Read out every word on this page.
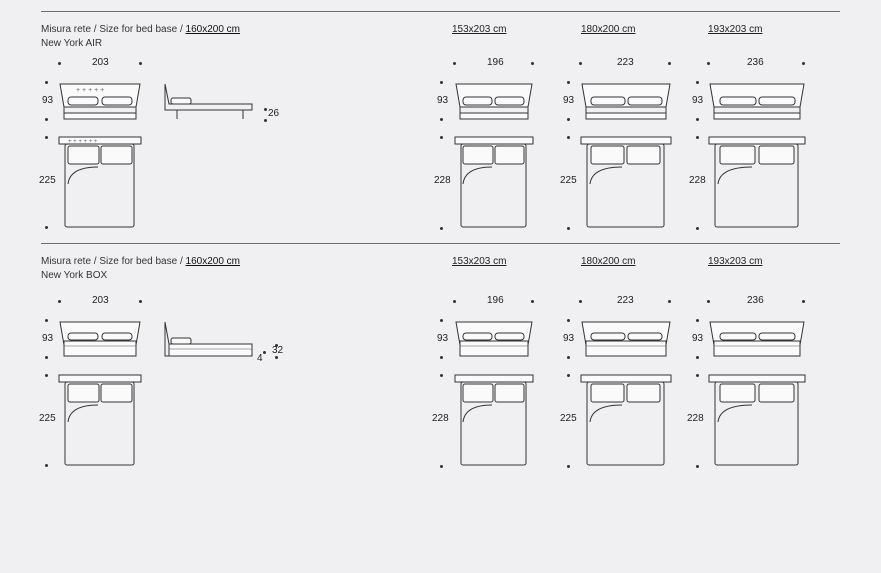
Misura rete / Size for bed base / 160x200 cm
New York AIR
153x203 cm	180x200 cm	193x203 cm
203
93
+ + + + +
26
225
+ + + + + +
196
93
228
223
93
225
236
93
228
Misura rete / Size for bed base / 160x200 cm
New York BOX
153x203 cm	180x200 cm	193x203 cm
203
93
4
32
225
196
93
228
223
93
225
236
93
228
